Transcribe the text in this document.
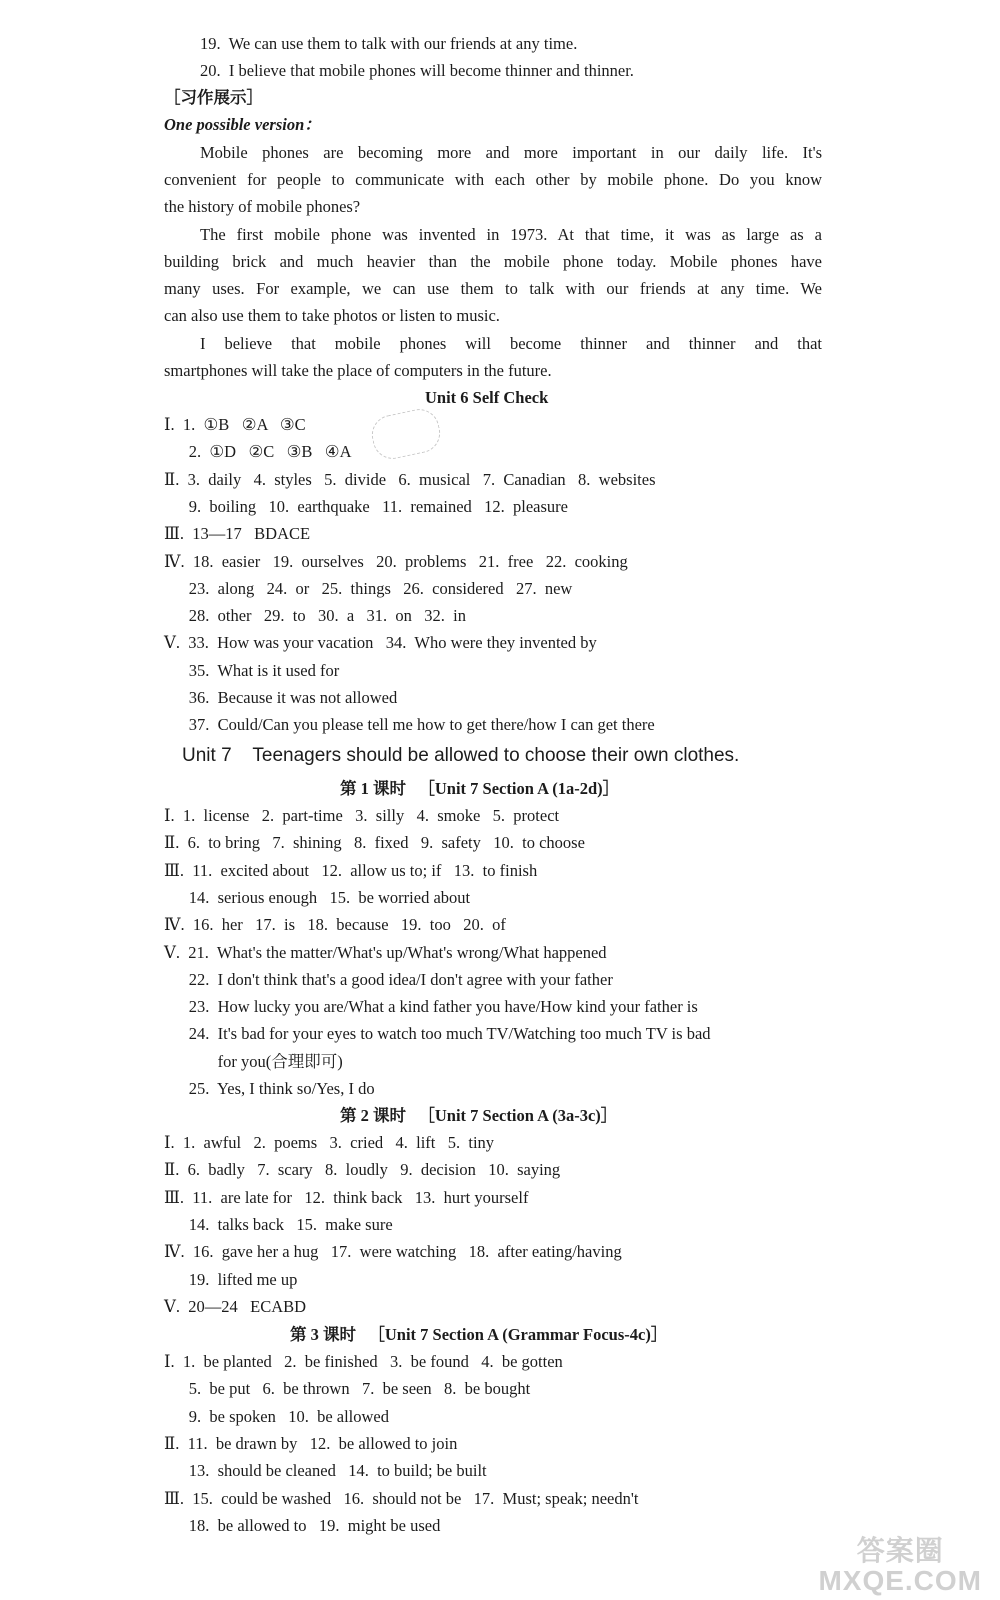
19.  We can use them to talk with our friends at any time.
20.  I believe that mobile phones will become thinner and thinner.
［习作展示］
One possible version：
Mobile phones are becoming more and more important in our daily life. It's
convenient for people to communicate with each other by mobile phone. Do you know
the history of mobile phones?
The first mobile phone was invented in 1973. At that time, it was as large as a
building brick and much heavier than the mobile phone today. Mobile phones have
many uses. For example, we can use them to talk with our friends at any time. We
can also use them to take photos or listen to music.
I believe that mobile phones will become thinner and thinner and that
smartphones will take the place of computers in the future.
Unit 6 Self Check
Ⅰ.  1.  ①B   ②A   ③C
2.  ①D   ②C   ③B   ④A
Ⅱ.  3.  daily   4.  styles   5.  divide   6.  musical   7.  Canadian   8.  websites
9.  boiling   10.  earthquake   11.  remained   12.  pleasure
Ⅲ.  13—17   BDACE
Ⅳ.  18.  easier   19.  ourselves   20.  problems   21.  free   22.  cooking
23.  along   24.  or   25.  things   26.  considered   27.  new
28.  other   29.  to   30.  a   31.  on   32.  in
Ⅴ.  33.  How was your vacation   34.  Who were they invented by
35.  What is it used for
36.  Because it was not allowed
37.  Could/Can you please tell me how to get there/how I can get there
Unit 7    Teenagers should be allowed to choose their own clothes.
第 1 课时   ［Unit 7 Section A (1a-2d)］
Ⅰ.  1.  license   2.  part-time   3.  silly   4.  smoke   5.  protect
Ⅱ.  6.  to bring   7.  shining   8.  fixed   9.  safety   10.  to choose
Ⅲ.  11.  excited about   12.  allow us to; if   13.  to finish
14.  serious enough   15.  be worried about
Ⅳ.  16.  her   17.  is   18.  because   19.  too   20.  of
Ⅴ.  21.  What's the matter/What's up/What's wrong/What happened
22.  I don't think that's a good idea/I don't agree with your father
23.  How lucky you are/What a kind father you have/How kind your father is
24.  It's bad for your eyes to watch too much TV/Watching too much TV is bad
for you(合理即可)
25.  Yes, I think so/Yes, I do
第 2 课时   ［Unit 7 Section A (3a-3c)］
Ⅰ.  1.  awful   2.  poems   3.  cried   4.  lift   5.  tiny
Ⅱ.  6.  badly   7.  scary   8.  loudly   9.  decision   10.  saying
Ⅲ.  11.  are late for   12.  think back   13.  hurt yourself
14.  talks back   15.  make sure
Ⅳ.  16.  gave her a hug   17.  were watching   18.  after eating/having
19.  lifted me up
Ⅴ.  20—24   ECABD
第 3 课时   ［Unit 7 Section A (Grammar Focus-4c)］
Ⅰ.  1.  be planted   2.  be finished   3.  be found   4.  be gotten
5.  be put   6.  be thrown   7.  be seen   8.  be bought
9.  be spoken   10.  be allowed
Ⅱ.  11.  be drawn by   12.  be allowed to join
13.  should be cleaned   14.  to build; be built
Ⅲ.  15.  could be washed   16.  should not be   17.  Must; speak; needn't
18.  be allowed to   19.  might be used
答案圈
MXQE.COM
